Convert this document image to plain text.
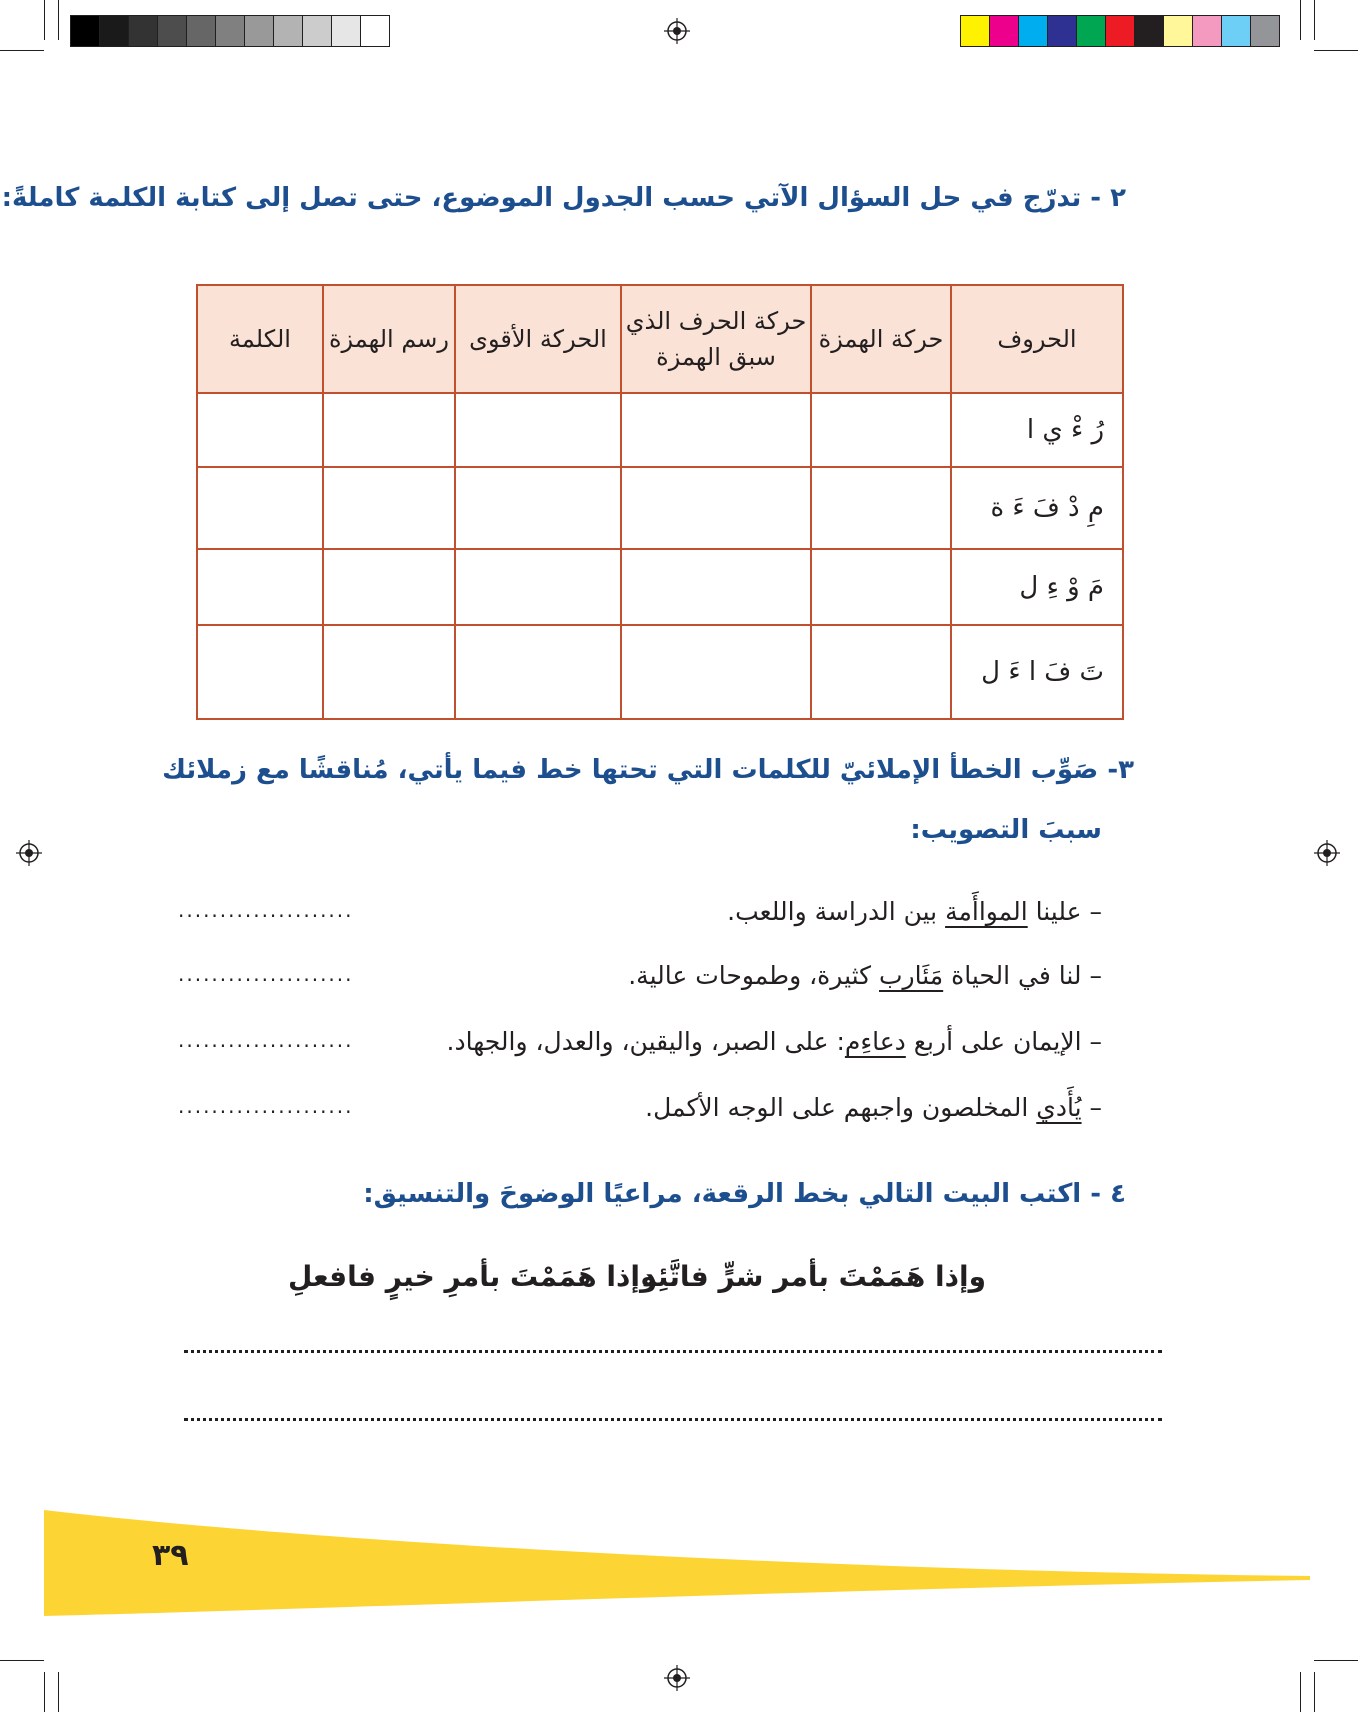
٢ - تدرّج في حل السؤال الآتي حسب الجدول الموضوع، حتى تصل إلى كتابة الكلمة كاملةً:
الحروف	حركة الهمزة	حركة الحرف الذي سبق الهمزة	الحركة الأقوى	رسم الهمزة	الكلمة
رُ ءْ ي ا					
مِ دْ فَ ءَ ة					
مَ وْ ءِ ل					
تَ فَ ا ءَ ل					
٣- صَوِّب الخطأ الإملائيّ للكلمات التي تحتها خط فيما يأتي، مُناقشًا مع زملائك
سببَ التصويب:
– علينا المواأَمة بين الدراسة واللعب.
.....................
– لنا في الحياة مَئَارب كثيرة، وطموحات عالية.
.....................
– الإيمان على أربع دعاءِم: على الصبر، واليقين، والعدل، والجهاد.
.....................
– يُأَدي المخلصون واجبهم على الوجه الأكمل.
.....................
٤ - اكتب البيت التالي بخط الرقعة، مراعيًا الوضوحَ والتنسيق:
وإذا هَمَمْتَ بأمر شرٍّ فاتَّئِد
وإذا هَمَمْتَ بأمرِ خيرٍ فافعلِ
٣٩
